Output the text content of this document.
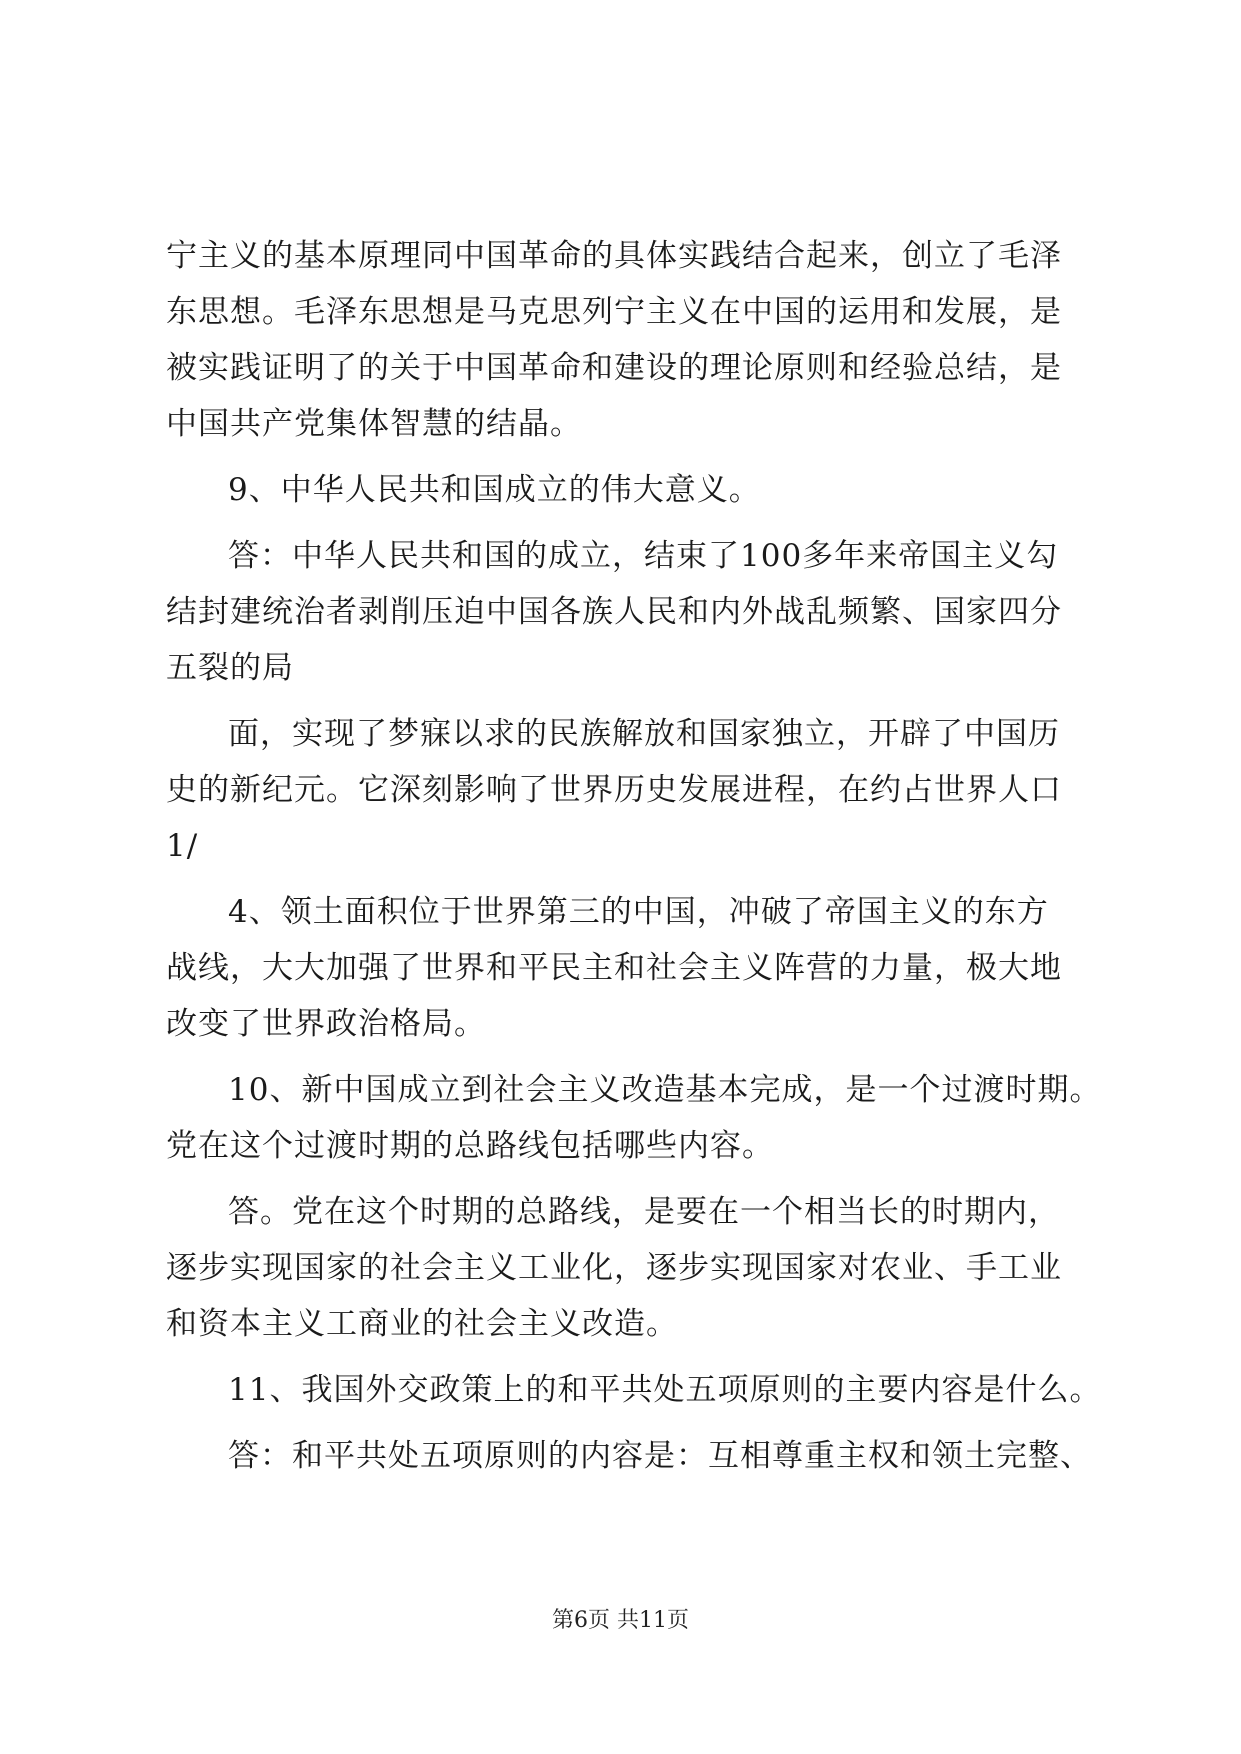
宁主义的基本原理同中国革命的具体实践结合起来，创立了毛泽
东思想。毛泽东思想是马克思列宁主义在中国的运用和发展，是
被实践证明了的关于中国革命和建设的理论原则和经验总结，是
中国共产党集体智慧的结晶。
9、中华人民共和国成立的伟大意义。
答：中华人民共和国的成立，结束了100多年来帝国主义勾
结封建统治者剥削压迫中国各族人民和内外战乱频繁、国家四分
五裂的局
面，实现了梦寐以求的民族解放和国家独立，开辟了中国历
史的新纪元。它深刻影响了世界历史发展进程，在约占世界人口
1/
4、领土面积位于世界第三的中国，冲破了帝国主义的东方
战线，大大加强了世界和平民主和社会主义阵营的力量，极大地
改变了世界政治格局。
10、新中国成立到社会主义改造基本完成，是一个过渡时期。
党在这个过渡时期的总路线包括哪些内容。
答。党在这个时期的总路线，是要在一个相当长的时期内，
逐步实现国家的社会主义工业化，逐步实现国家对农业、手工业
和资本主义工商业的社会主义改造。
11、我国外交政策上的和平共处五项原则的主要内容是什么。
答：和平共处五项原则的内容是：互相尊重主权和领土完整、
第6页 共11页
